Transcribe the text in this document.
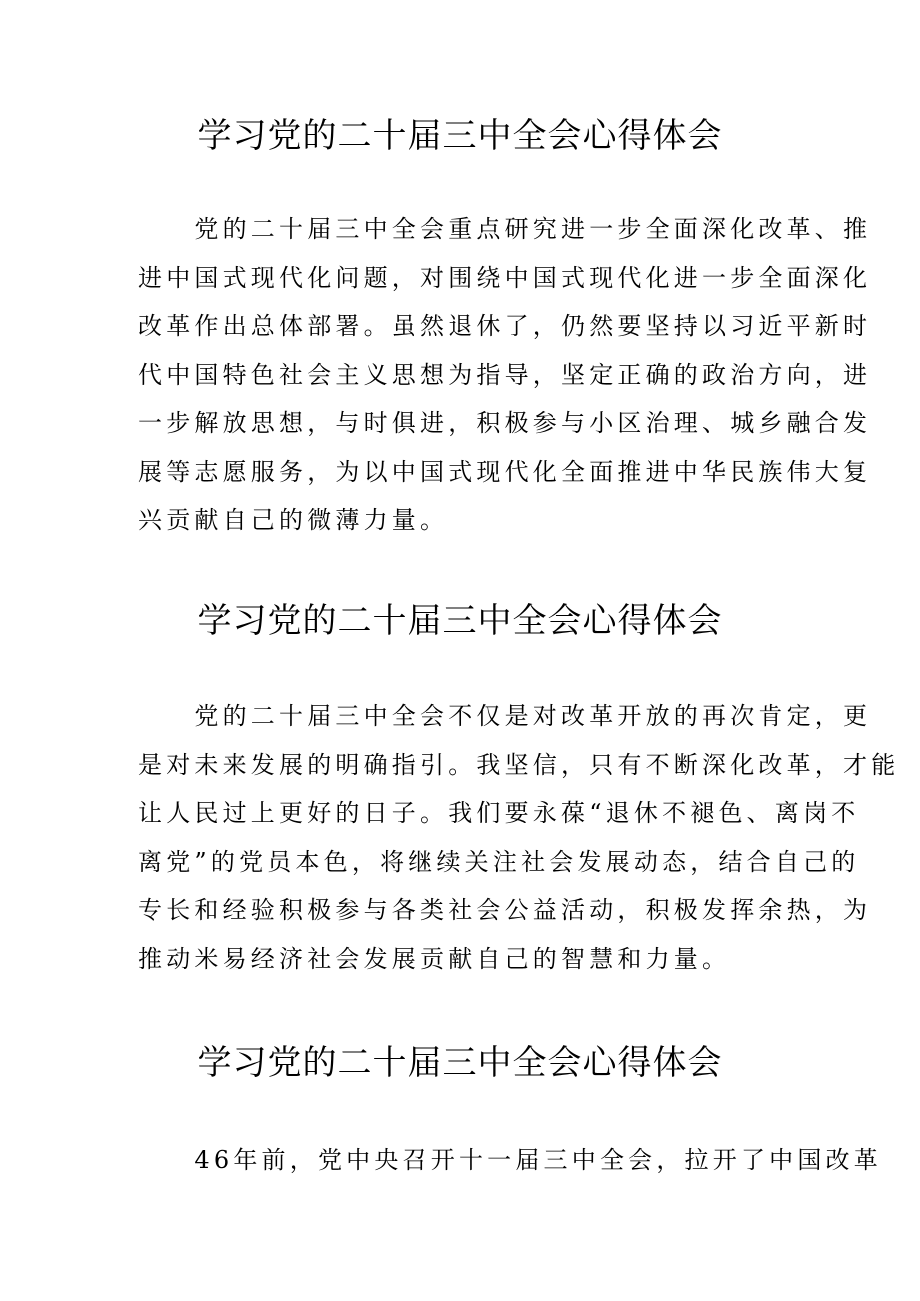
学习党的二十届三中全会心得体会
　　党的二十届三中全会重点研究进一步全面深化改革、推
进中国式现代化问题，对围绕中国式现代化进一步全面深化
改革作出总体部署。虽然退休了，仍然要坚持以习近平新时
代中国特色社会主义思想为指导，坚定正确的政治方向，进
一步解放思想，与时俱进，积极参与小区治理、城乡融合发
展等志愿服务，为以中国式现代化全面推进中华民族伟大复
兴贡献自己的微薄力量。
学习党的二十届三中全会心得体会
　　党的二十届三中全会不仅是对改革开放的再次肯定，更
是对未来发展的明确指引。我坚信，只有不断深化改革，才能
让人民过上更好的日子。我们要永葆“退休不褪色、离岗不
离党”的党员本色，将继续关注社会发展动态，结合自己的
专长和经验积极参与各类社会公益活动，积极发挥余热，为
推动米易经济社会发展贡献自己的智慧和力量。
学习党的二十届三中全会心得体会
　　46年前，党中央召开十一届三中全会，拉开了中国改革
